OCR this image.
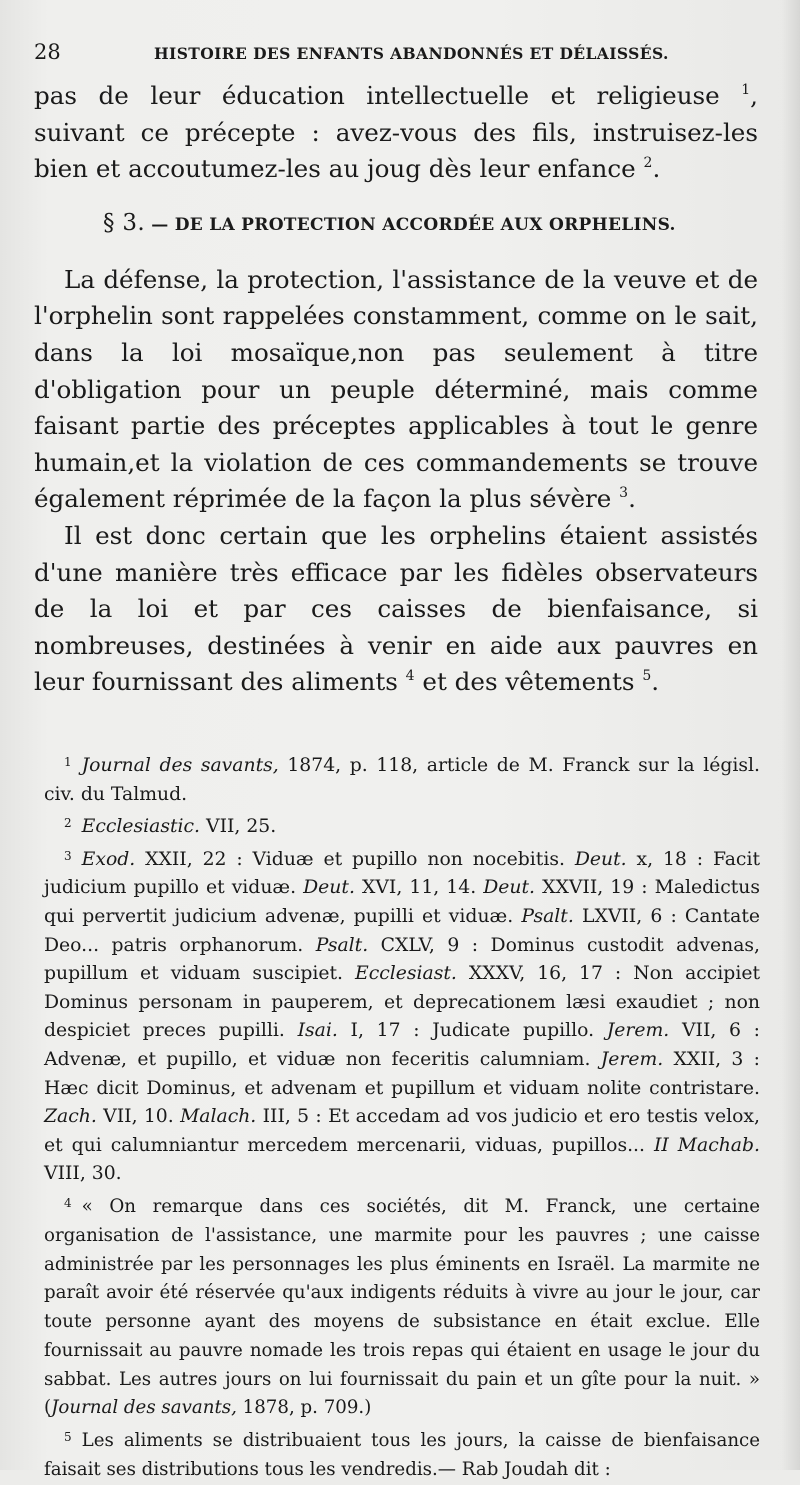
28	HISTOIRE DES ENFANTS ABANDONNÉS ET DÉLAISSÉS.

pas de leur éducation intellectuelle et religieuse $^1$, suivant ce précepte : avez-vous des fils, instruisez-les bien et accoutumez-les au joug dès leur enfance $^2$.

§ 3. — DE LA PROTECTION ACCORDÉE AUX ORPHELINS.

La défense, la protection, l'assistance de la veuve et de l'orphelin sont rappelées constamment, comme on le sait, dans la loi mosaïque,non pas seulement à titre d'obligation pour un peuple déterminé, mais comme faisant partie des préceptes applicables à tout le genre humain,et la violation de ces commandements se trouve également réprimée de la façon la plus sévère $^3$.

Il est donc certain que les orphelins étaient assistés d'une manière très efficace par les fidèles observateurs de la loi et par ces caisses de bienfaisance, si nombreuses, destinées à venir en aide aux pauvres en leur fournissant des aliments $^4$ et des vêtements $^5$.

$^1$ Journal des savants, 1874, p. 118, article de M. Franck sur la législ. civ. du Talmud.

$^2$ Ecclesiastic. VII, 25.

$^3$ Exod. XXII, 22 : Viduæ et pupillo non nocebitis. Deut. x, 18 : Facit judicium pupillo et viduæ. Deut. XVI, 11, 14. Deut. XXVII, 19 : Maledictus qui pervertit judicium advenæ, pupilli et viduæ. Psalt. LXVII, 6 : Cantate Deo... patris orphanorum. Psalt. CXLV, 9 : Dominus custodit advenas, pupillum et viduam suscipiet. Ecclesiast. XXXV, 16, 17 : Non accipiet Dominus personam in pauperem, et deprecationem læsi exaudiet ; non despiciet preces pupilli. Isai. I, 17 : Judicate pupillo. Jerem. VII, 6 : Advenæ, et pupillo, et viduæ non feceritis calumniam. Jerem. XXII, 3 : Hæc dicit Dominus, et advenam et pupillum et viduam nolite contristare. Zach. VII, 10. Malach. III, 5 : Et accedam ad vos judicio et ero testis velox, et qui calumniantur mercedem mercenarii, viduas, pupillos... II Machab. VIII, 30.

$^4$ « On remarque dans ces sociétés, dit M. Franck, une certaine organisation de l'assistance, une marmite pour les pauvres ; une caisse administrée par les personnages les plus éminents en Israël. La marmite ne paraît avoir été réservée qu'aux indigents réduits à vivre au jour le jour, car toute personne ayant des moyens de subsistance en était exclue. Elle fournissait au pauvre nomade les trois repas qui étaient en usage le jour du sabbat. Les autres jours on lui fournissait du pain et un gîte pour la nuit. » (Journal des savants, 1878, p. 709.)

$^5$ Les aliments se distribuaient tous les jours, la caisse de bienfaisance faisait ses distributions tous les vendredis.— Rab Joudah dit :
